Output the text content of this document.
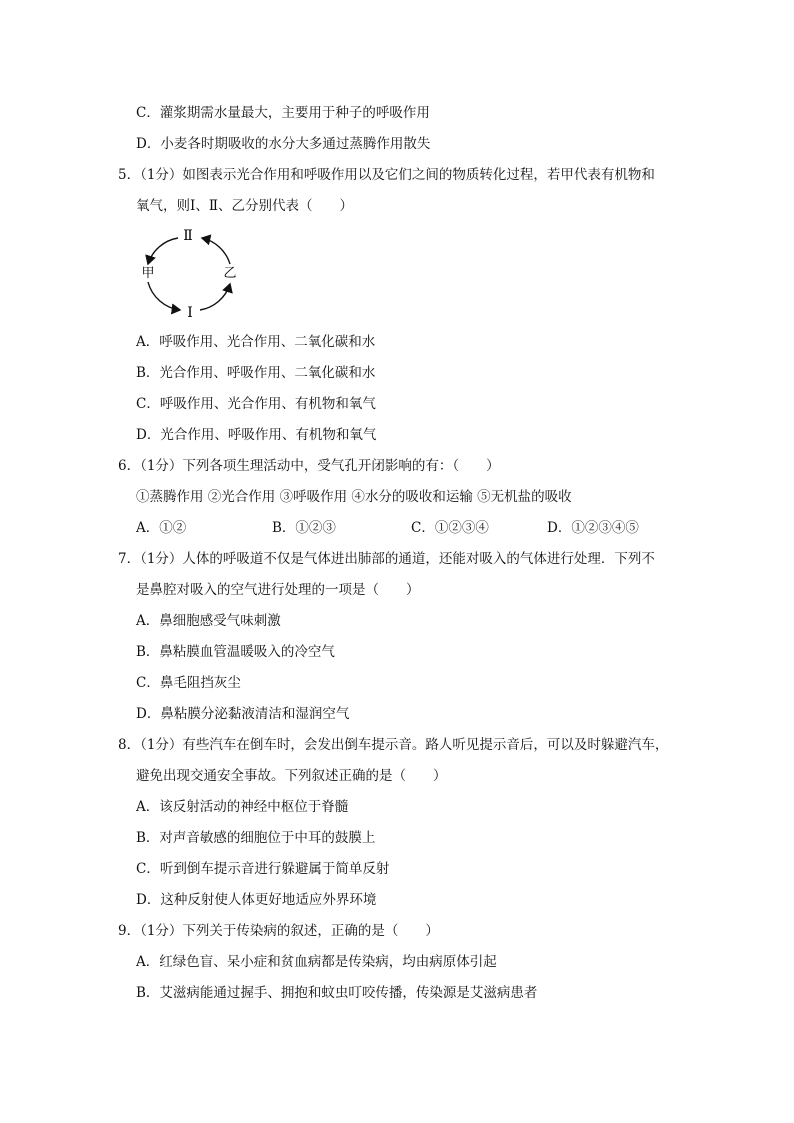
C．灌浆期需水量最大，主要用于种子的呼吸作用
D．小麦各时期吸收的水分大多通过蒸腾作用散失
5．（1分）如图表示光合作用和呼吸作用以及它们之间的物质转化过程，若甲代表有机物和
氧气，则Ⅰ、Ⅱ、乙分别代表（　　）
Ⅱ
甲	乙
Ⅰ
A．呼吸作用、光合作用、二氧化碳和水
B．光合作用、呼吸作用、二氧化碳和水
C．呼吸作用、光合作用、有机物和氧气
D．光合作用、呼吸作用、有机物和氧气
6．（1分）下列各项生理活动中，受气孔开闭影响的有：（　　）
①蒸腾作用 ②光合作用 ③呼吸作用 ④水分的吸收和运输 ⑤无机盐的吸收
A．①②	B．①②③	C．①②③④	D．①②③④⑤
7．（1分）人体的呼吸道不仅是气体进出肺部的通道，还能对吸入的气体进行处理．下列不
是鼻腔对吸入的空气进行处理的一项是（　　）
A．鼻细胞感受气味刺激
B．鼻粘膜血管温暖吸入的冷空气
C．鼻毛阻挡灰尘
D．鼻粘膜分泌黏液清洁和湿润空气
8．（1分）有些汽车在倒车时，会发出倒车提示音。路人听见提示音后，可以及时躲避汽车，
避免出现交通安全事故。下列叙述正确的是（　　）
A．该反射活动的神经中枢位于脊髓
B．对声音敏感的细胞位于中耳的鼓膜上
C．听到倒车提示音进行躲避属于简单反射
D．这种反射使人体更好地适应外界环境
9．（1分）下列关于传染病的叙述，正确的是（　　）
A．红绿色盲、呆小症和贫血病都是传染病，均由病原体引起
B．艾滋病能通过握手、拥抱和蚊虫叮咬传播，传染源是艾滋病患者
